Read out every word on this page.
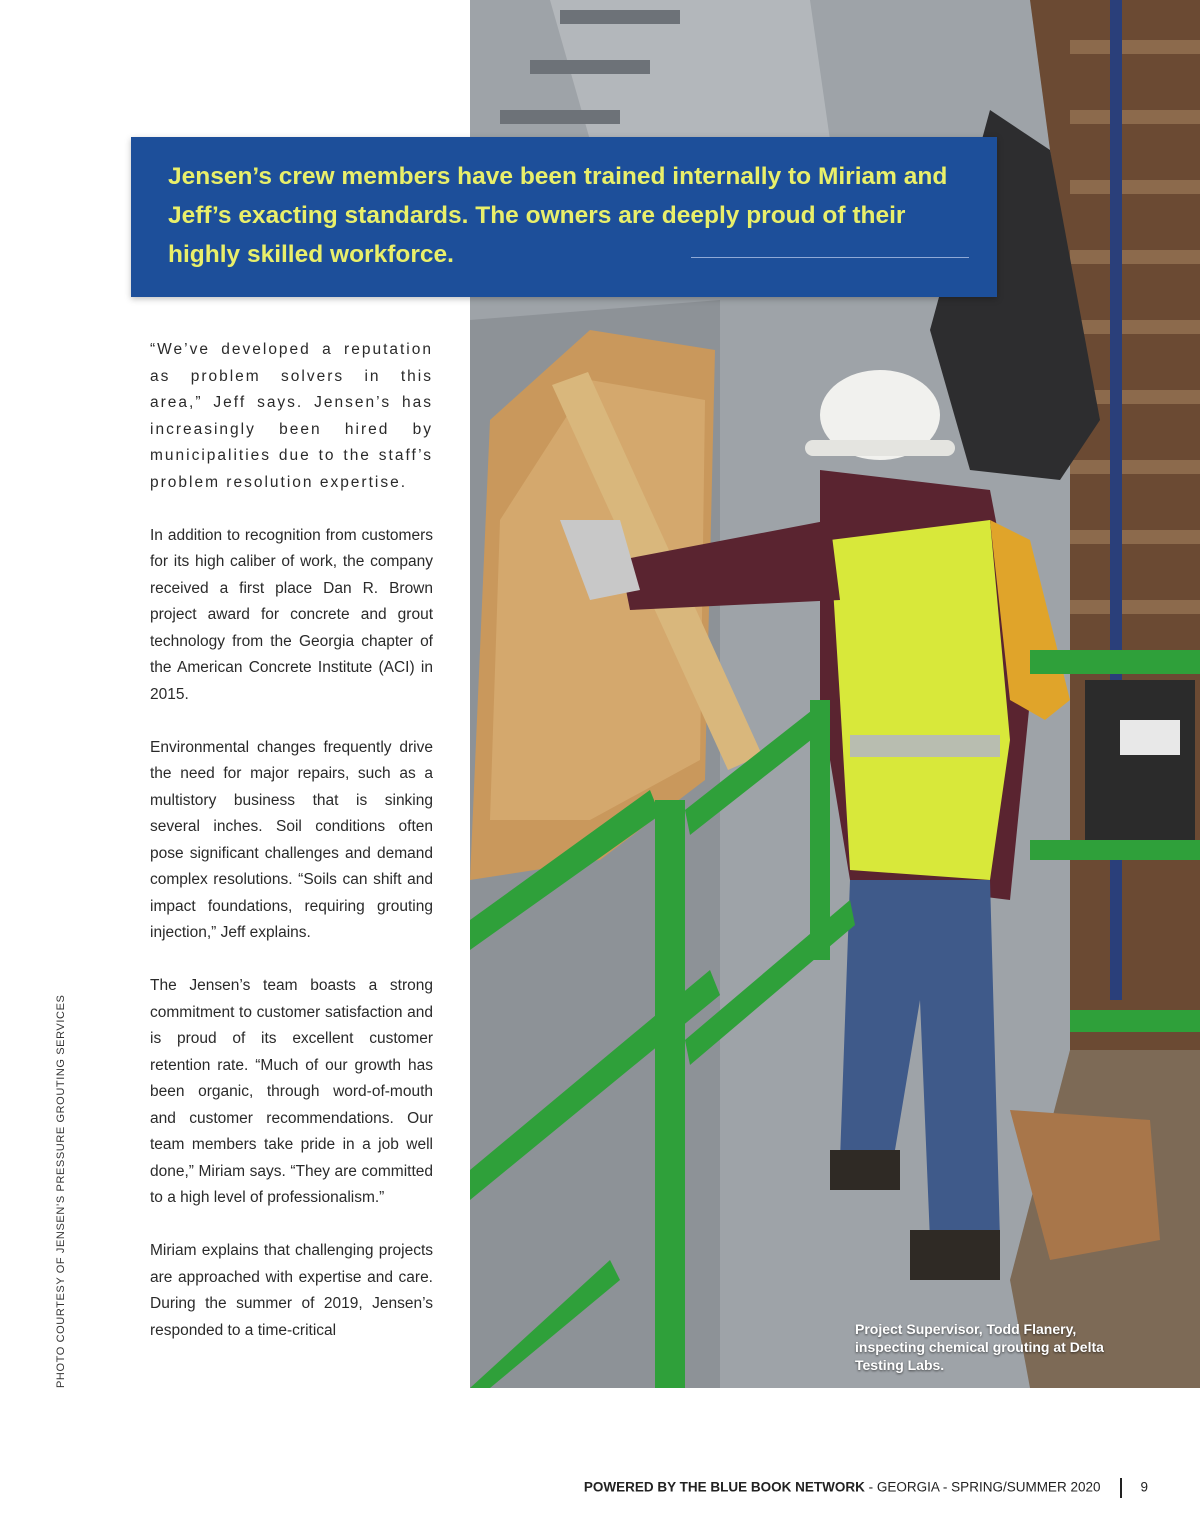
Project Supervisor, Todd Flanery, inspecting chemical grouting at Delta Testing Labs.
Jensen’s crew members have been trained internally to Miriam and Jeff’s exacting standards. The owners are deeply proud of their highly skilled workforce.

“We’ve developed a reputation as problem solvers in this area,” Jeff says. Jensen’s has increasingly been hired by municipalities due to the staff’s problem resolution expertise.

In addition to recognition from customers for its high caliber of work, the company received a first place Dan R. Brown project award for concrete and grout technology from the Georgia chapter of the American Concrete Institute (ACI) in 2015.

Environmental changes frequently drive the need for major repairs, such as a multistory business that is sinking several inches. Soil conditions often pose significant challenges and demand complex resolutions. “Soils can shift and impact foundations, requiring grouting injection,” Jeff explains.

The Jensen’s team boasts a strong commitment to customer satisfaction and is proud of its excellent customer retention rate. “Much of our growth has been organic, through word-of-mouth and customer recommendations. Our team members take pride in a job well done,” Miriam says. “They are committed to a high level of professionalism.”

Miriam explains that challenging projects are approached with expertise and care. During the summer of 2019, Jensen’s responded to a time-critical

PHOTO COURTESY OF JENSEN’S PRESSURE GROUTING SERVICES
POWERED BY THE BLUE BOOK NETWORK - GEORGIA - SPRING/SUMMER 2020	9
